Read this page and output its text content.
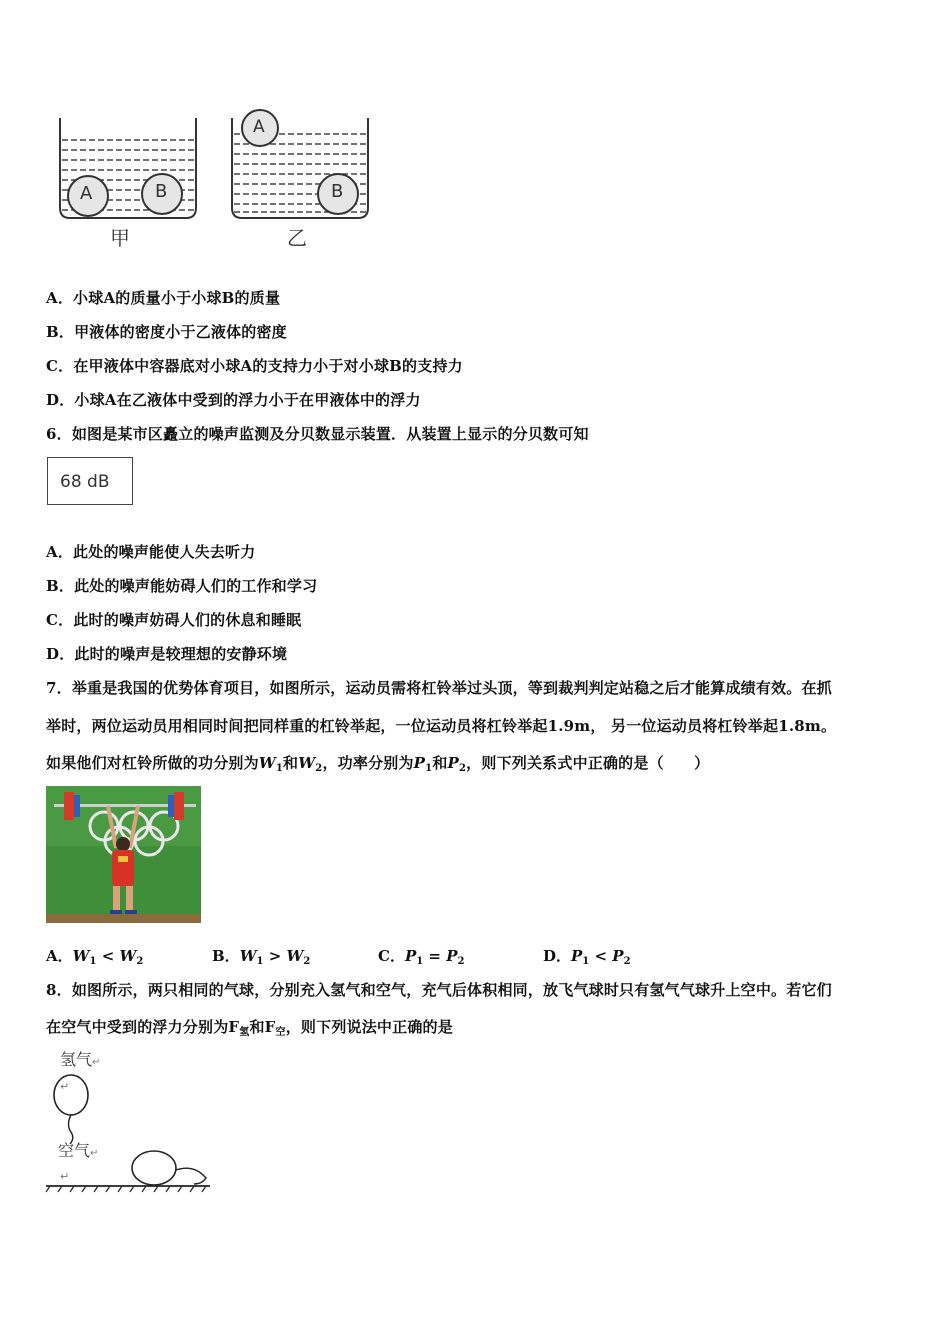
A	B
A
B
甲	乙
A．小球A的质量小于小球B的质量
B．甲液体的密度小于乙液体的密度
C．在甲液体中容器底对小球A的支持力小于对小球B的支持力
D．小球A在乙液体中受到的浮力小于在甲液体中的浮力
6．如图是某市区矗立的噪声监测及分贝数显示装置．从装置上显示的分贝数可知
68 dB
A．此处的噪声能使人失去听力
B．此处的噪声能妨碍人们的工作和学习
C．此时的噪声妨碍人们的休息和睡眠
D．此时的噪声是较理想的安静环境
7．举重是我国的优势体育项目，如图所示，运动员需将杠铃举过头顶，等到裁判判定站稳之后才能算成绩有效。在抓
举时，两位运动员用相同时间把同样重的杠铃举起，一位运动员将杠铃举起1.9m， 另一位运动员将杠铃举起1.8m。
如果他们对杠铃所做的功分别为$W_1$和$W_2$，功率分别为$P_1$和$P_2$，则下列关系式中正确的是（　　）
A．$W_1 < W_2$	B．$W_1 > W_2$	C．$P_1 = P_2$	D．$P_1 < P_2$
8．如图所示，两只相同的气球，分别充入氢气和空气，充气后体积相同，放飞气球时只有氢气气球升上空中。若它们
在空气中受到的浮力分别为$F_氢$和$F_空$，则下列说法中正确的是
氢气↵
↵
空气↵
↵
